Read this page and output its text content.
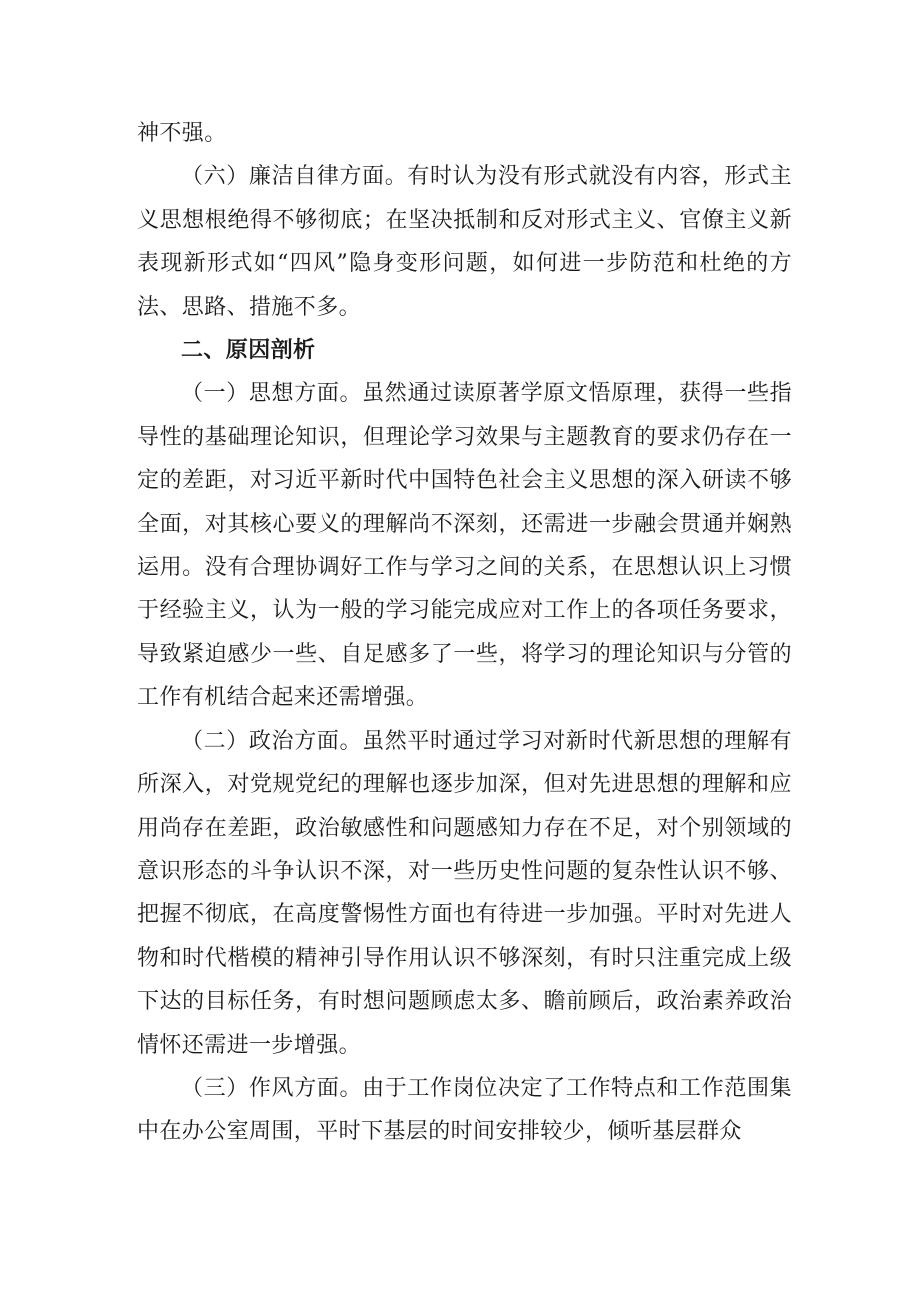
神不强。

（六）廉洁自律方面。有时认为没有形式就没有内容，形式主义思想根绝得不够彻底；在坚决抵制和反对形式主义、官僚主义新表现新形式如“四风”隐身变形问题，如何进一步防范和杜绝的方法、思路、措施不多。

二、原因剖析

（一）思想方面。虽然通过读原著学原文悟原理，获得一些指导性的基础理论知识，但理论学习效果与主题教育的要求仍存在一定的差距，对习近平新时代中国特色社会主义思想的深入研读不够全面，对其核心要义的理解尚不深刻，还需进一步融会贯通并娴熟运用。没有合理协调好工作与学习之间的关系，在思想认识上习惯于经验主义，认为一般的学习能完成应对工作上的各项任务要求，导致紧迫感少一些、自足感多了一些，将学习的理论知识与分管的工作有机结合起来还需增强。

（二）政治方面。虽然平时通过学习对新时代新思想的理解有所深入，对党规党纪的理解也逐步加深，但对先进思想的理解和应用尚存在差距，政治敏感性和问题感知力存在不足，对个别领域的意识形态的斗争认识不深，对一些历史性问题的复杂性认识不够、把握不彻底，在高度警惕性方面也有待进一步加强。平时对先进人物和时代楷模的精神引导作用认识不够深刻，有时只注重完成上级下达的目标任务，有时想问题顾虑太多、瞻前顾后，政治素养政治情怀还需进一步增强。

（三）作风方面。由于工作岗位决定了工作特点和工作范围集中在办公室周围，平时下基层的时间安排较少，倾听基层群众
